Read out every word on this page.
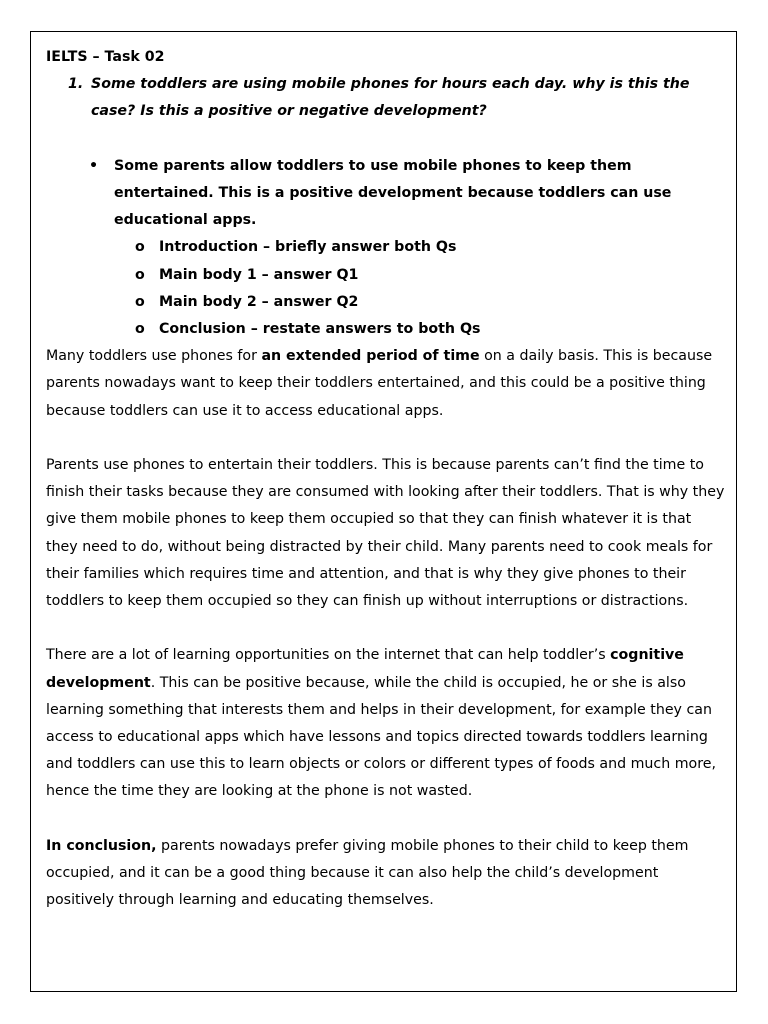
IELTS – Task 02
1. Some toddlers are using mobile phones for hours each day. why is this the case? Is this a positive or negative development?
•	Some parents allow toddlers to use mobile phones to keep them entertained. This is a positive development because toddlers can use educational apps.
o	Introduction – briefly answer both Qs
o	Main body 1 – answer Q1
o	Main body 2 – answer Q2
o	Conclusion – restate answers to both Qs

Many toddlers use phones for an extended period of time on a daily basis. This is because parents nowadays want to keep their toddlers entertained, and this could be a positive thing because toddlers can use it to access educational apps.

Parents use phones to entertain their toddlers. This is because parents can’t find the time to finish their tasks because they are consumed with looking after their toddlers. That is why they give them mobile phones to keep them occupied so that they can finish whatever it is that they need to do, without being distracted by their child. Many parents need to cook meals for their families which requires time and attention, and that is why they give phones to their toddlers to keep them occupied so they can finish up without interruptions or distractions.

There are a lot of learning opportunities on the internet that can help toddler’s cognitive development. This can be positive because, while the child is occupied, he or she is also learning something that interests them and helps in their development, for example they can access to educational apps which have lessons and topics directed towards toddlers learning and toddlers can use this to learn objects or colors or different types of foods and much more, hence the time they are looking at the phone is not wasted.

In conclusion, parents nowadays prefer giving mobile phones to their child to keep them occupied, and it can be a good thing because it can also help the child’s development positively through learning and educating themselves.
